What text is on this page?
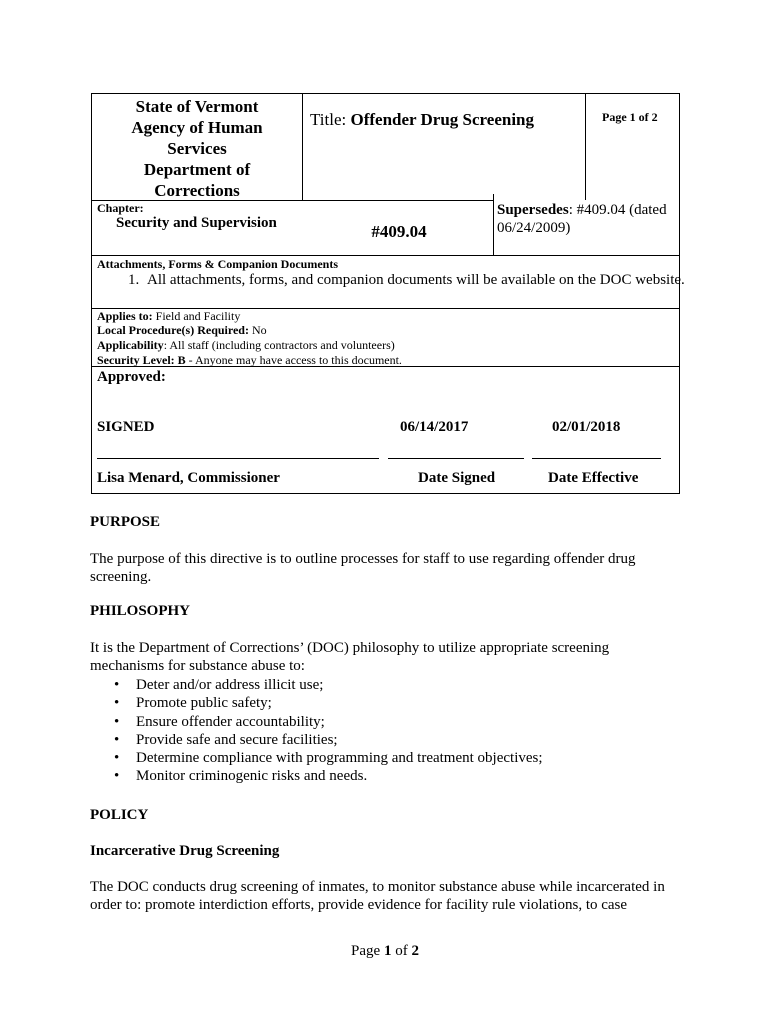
State of Vermont
Agency of Human
Services
Department of
Corrections
Title: Offender Drug Screening	Page 1 of 2
Chapter:
Security and Supervision	#409.04
Supersedes: #409.04 (dated 06/24/2009)
Attachments, Forms & Companion Documents
1. All attachments, forms, and companion documents will be available on the DOC website.
Applies to: Field and Facility
Local Procedure(s) Required: No
Applicability: All staff (including contractors and volunteers)
Security Level: B - Anyone may have access to this document.
Approved:
SIGNED	06/14/2017	02/01/2018
Lisa Menard, Commissioner	Date Signed	Date Effective
PURPOSE
The purpose of this directive is to outline processes for staff to use regarding offender drug screening.
PHILOSOPHY
It is the Department of Corrections’ (DOC) philosophy to utilize appropriate screening mechanisms for substance abuse to:
• Deter and/or address illicit use;
• Promote public safety;
• Ensure offender accountability;
• Provide safe and secure facilities;
• Determine compliance with programming and treatment objectives;
• Monitor criminogenic risks and needs.
POLICY
Incarcerative Drug Screening
The DOC conducts drug screening of inmates, to monitor substance abuse while incarcerated in order to: promote interdiction efforts, provide evidence for facility rule violations, to case
Page 1 of 2
